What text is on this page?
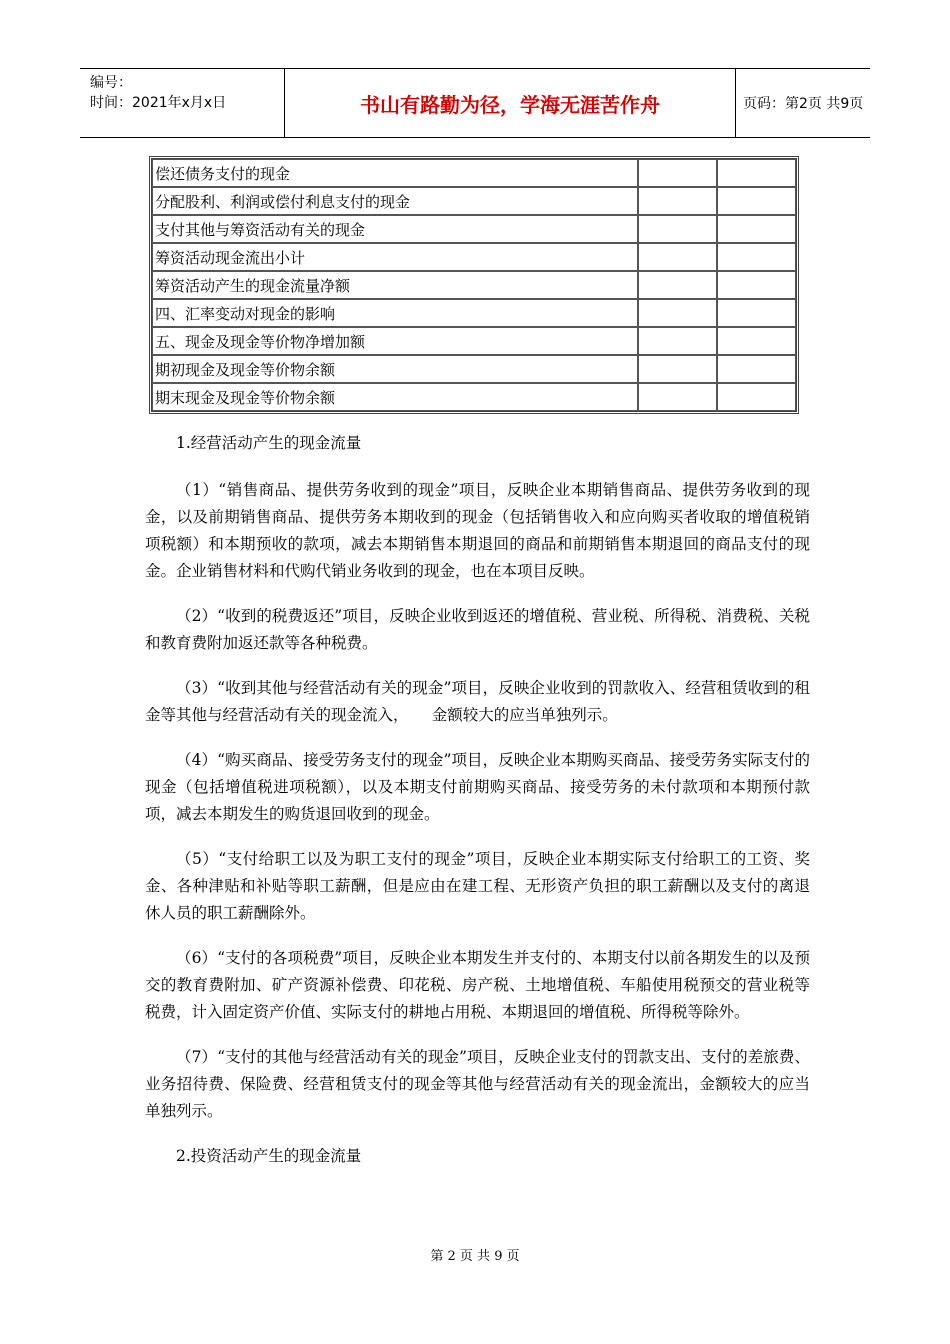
编号：
时间：2021年x月x日	书山有路勤为径，学海无涯苦作舟	页码：第2页 共9页
偿还债务支付的现金		
分配股利、利润或偿付利息支付的现金		
支付其他与筹资活动有关的现金		
筹资活动现金流出小计		
筹资活动产生的现金流量净额		
四、汇率变动对现金的影响		
五、现金及现金等价物净增加额		
期初现金及现金等价物余额		
期末现金及现金等价物余额		

1.经营活动产生的现金流量

（1）“销售商品、提供劳务收到的现金”项目，反映企业本期销售商品、提供劳务收到的现金，以及前期销售商品、提供劳务本期收到的现金（包括销售收入和应向购买者收取的增值税销项税额）和本期预收的款项，减去本期销售本期退回的商品和前期销售本期退回的商品支付的现金。企业销售材料和代购代销业务收到的现金，也在本项目反映。

（2）“收到的税费返还”项目，反映企业收到返还的增值税、营业税、所得税、消费税、关税和教育费附加返还款等各种税费。

（3）“收到其他与经营活动有关的现金”项目，反映企业收到的罚款收入、经营租赁收到的租金等其他与经营活动有关的现金流入，　　金额较大的应当单独列示。

（4）“购买商品、接受劳务支付的现金”项目，反映企业本期购买商品、接受劳务实际支付的现金（包括增值税进项税额），以及本期支付前期购买商品、接受劳务的未付款项和本期预付款项，减去本期发生的购货退回收到的现金。

（5）“支付给职工以及为职工支付的现金”项目，反映企业本期实际支付给职工的工资、奖金、各种津贴和补贴等职工薪酬，但是应由在建工程、无形资产负担的职工薪酬以及支付的离退休人员的职工薪酬除外。

（6）“支付的各项税费”项目，反映企业本期发生并支付的、本期支付以前各期发生的以及预交的教育费附加、矿产资源补偿费、印花税、房产税、土地增值税、车船使用税预交的营业税等税费，计入固定资产价值、实际支付的耕地占用税、本期退回的增值税、所得税等除外。

（7）“支付的其他与经营活动有关的现金”项目，反映企业支付的罚款支出、支付的差旅费、业务招待费、保险费、经营租赁支付的现金等其他与经营活动有关的现金流出，金额较大的应当单独列示。

2.投资活动产生的现金流量

第 2 页 共 9 页
